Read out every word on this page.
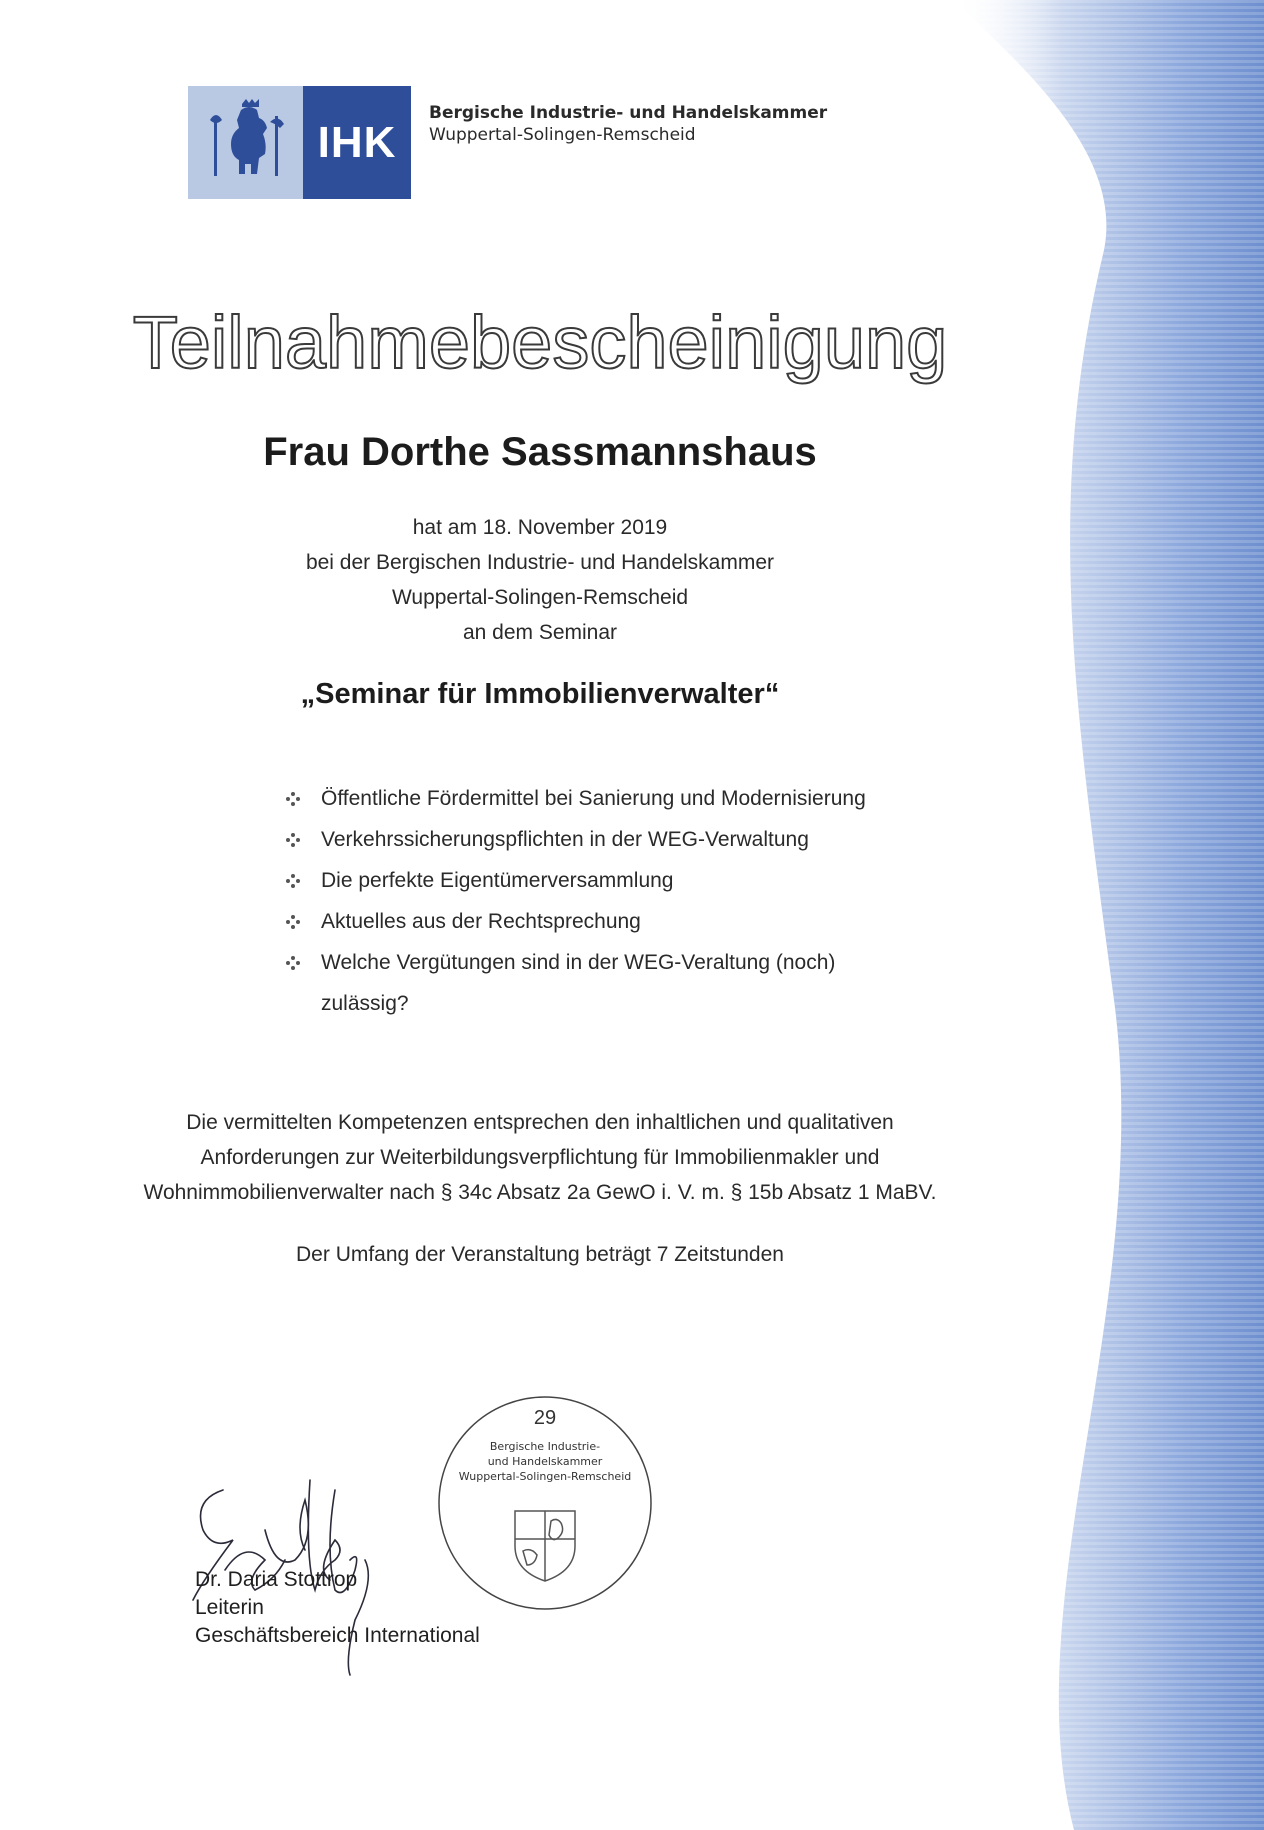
IHK
Bergische Industrie- und Handelskammer
Wuppertal-Solingen-Remscheid
Teilnahmebescheinigung
Frau Dorthe Sassmannshaus
hat am 18. November 2019
bei der Bergischen Industrie- und Handelskammer
Wuppertal-Solingen-Remscheid
an dem Seminar
„Seminar für Immobilienverwalter“
Öffentliche Fördermittel bei Sanierung und Modernisierung
Verkehrssicherungspflichten in der WEG-Verwaltung
Die perfekte Eigentümerversammlung
Aktuelles aus der Rechtsprechung
Welche Vergütungen sind in der WEG-Veraltung (noch)
zulässig?
Die vermittelten Kompetenzen entsprechen den inhaltlichen und qualitativen
Anforderungen zur Weiterbildungsverpflichtung für Immobilienmakler und
Wohnimmobilienverwalter nach § 34c Absatz 2a GewO i. V. m. § 15b Absatz 1 MaBV.
Der Umfang der Veranstaltung beträgt 7 Zeitstunden
29
Bergische Industrie-
und Handelskammer
Wuppertal-Solingen-Remscheid
Dr. Daria Stottrop
Leiterin
Geschäftsbereich International
